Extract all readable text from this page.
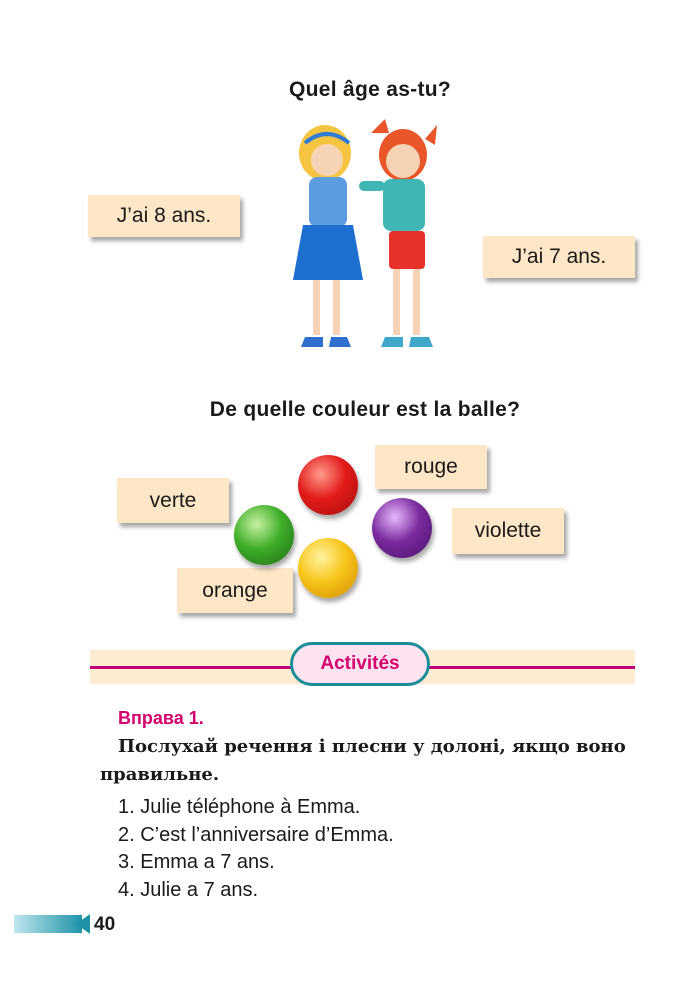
Quel âge as-tu?
J’ai 8 ans.
J’ai 7 ans.
De quelle couleur est la balle?
rouge
verte
violette
orange
Activités
Вправа 1.
Послухай речення і плесни у долоні, якщо воно
правильне.
1. Julie téléphone à Emma.
2. C’est l’anniversaire d’Emma.
3. Emma a 7 ans.
4. Julie a 7 ans.
40
